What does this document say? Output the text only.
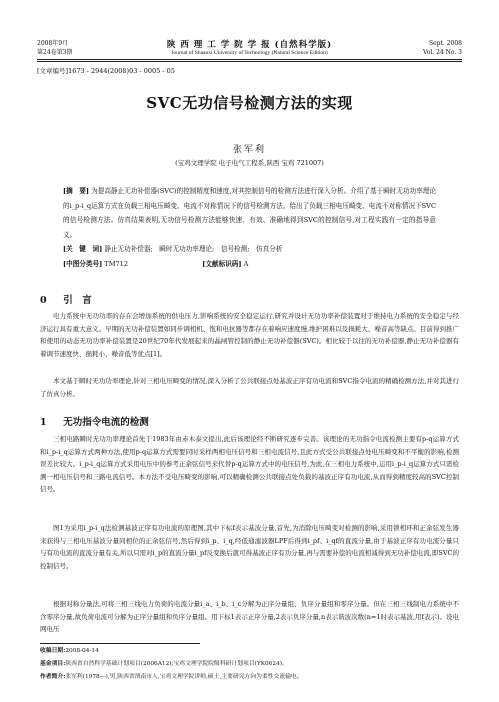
2008年9月
第24卷第3期
陕 西 理 工 学 院 学 报 (自然科学版)
Journal of Shaanxi University of Technology (Natural Science Edition)
Sept. 2008
Vol. 24 No. 3
[文章编号]1673 - 2944(2008)03 - 0005 - 05
SVC无功信号检测方法的实现
张军利
(宝鸡文理学院 电子电气工程系,陕西 宝鸡 721007)
[摘　要] 为提高静止无功补偿器(SVC)的控制精度和速度,对其控制信号的检测方法进行深入分析。介绍了基于瞬时无功功率理论的i_p-i_q运算方式在负载三相电压畸变、电流不对称情况下的信号检测方法。给出了负载三相电压畸变、电流不对称情况下SVC的信号检测方法。仿真结果表明,无功信号检测方法能够快速、有效、准确地得到SVC的控制信号,对工程实践有一定的指导意义。
[关　键　词] 静止无功补偿器;　瞬时无功功率理论;　信号检测;　仿真分析
[中图分类号] TM712	[文献标识码] A
0 引　言
电力系统中无功功率的存在会增加系统的供电压力,影响系统的安全稳定运行,研究并设计无功功率补偿装置对于维持电力系统的安全稳定与经济运行具有重大意义。早期的无功补偿装置如同步调相机、饱和电抗器等都存在着响应速度慢,维护困难以及损耗大、噪音高等缺点。目前得到推广和使用的动态无功功率补偿装置是20世纪70年代发展起来的晶闸管控制的静止无功补偿器(SVC)。相比较于以往的无功补偿器,静止无功补偿器有着调节速度快、损耗小、噪音低等优点[1]。
本文基于瞬时无功功率理论,针对三相电压畸变的情况,深入分析了公共联接点处基波正序有功电流和SVC指令电流的精确检测方法,并对其进行了仿真分析。
1 无功指令电流的检测
三相电路瞬时无功功率理论首先于1983年由赤木泰文提出,此后该理论经不断研究逐步完善。该理论的无功指令电流检测主要有p-q运算方式和i_p-i_q运算方式两种方法,使用p-q运算方式需要同时采样两相电压信号和三相电流信号,且此方式受公共联接点处电压畸变和不平衡的影响,检测误差比较大。i_p-i_q运算方式采用电压中的参考正余弦信号来代替p-q运算方式中的电压信号,为此,在三相电力系统中,运用i_p-i_q运算方式只需检测一相电压信号和三路电流信号。本方法不受电压畸变的影响,可以精确检测公共联接点处负载的基波正序有功电流,从而得到精度较高的SVC控制信号。
图1为采用i_p-i_q法检测基波正序有功电流的原理图,其中下标f表示基波分量,首先,为消除电压畸变对检测的影响,采用锁相环和正余弦发生器来获得与三相电压基波分量同相位的正余弦信号,然后得到i_p、i_q,经低通滤波器LPF后得到i_pf、i_qf的直流分量,由于基波正序有功电流分量只与有功电流的直流分量有关,所以只需对i_p的直流分量i_pf反变换后就可得基波正序有功分量,再与需要补偿的电流相减得到无功补偿电流,即SVC的控制信号。
根据对称分量法,可将三相三线电力负荷的电流分量i_a、i_b、i_c分解为正序分量组、负序分量组和零序分量。但在三相三线制电力系统中不含零序分量,故负荷电流可分解为正序分量组和负序分量组。用下标1表示正序分量,2表示负序分量,n表示谐波次数(n=1时表示基波,用f表示)。设电网电压
收稿日期:2008-04-14
基金项目:陕西省自然科学基础计划项目(2006A12);宝鸡文理学院院级科研计划项目(YK0624)。
作者简介:张军利(1978—),男,陕西省渭南市人,宝鸡文理学院讲师,硕士,主要研究方向为柔性交流输电。
